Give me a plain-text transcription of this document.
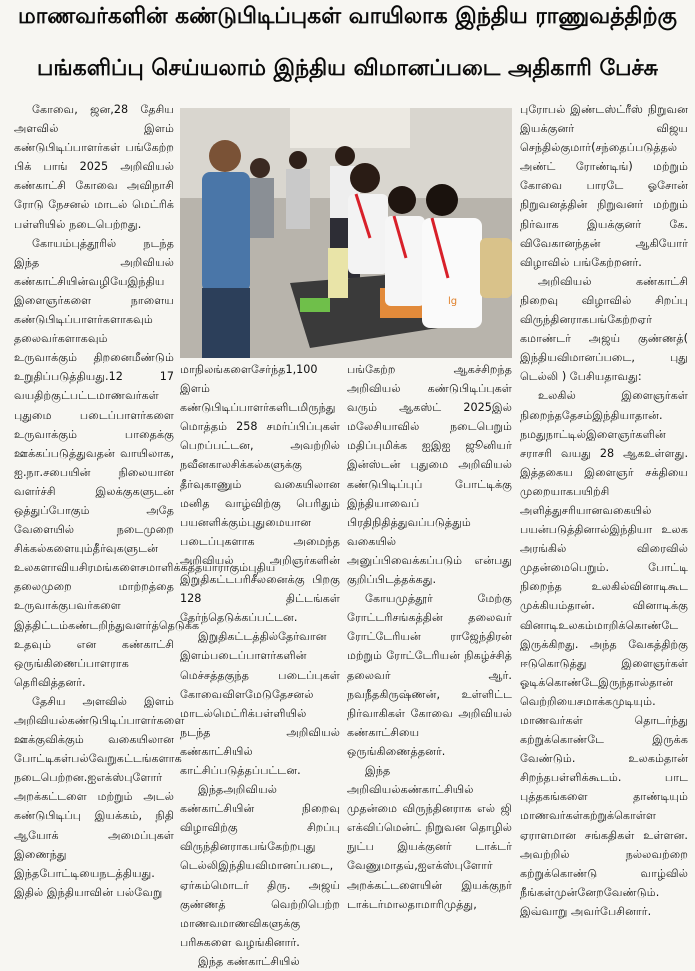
மாணவர்களின் கண்டுபிடிப்புகள் வாயிலாக இந்திய ராணுவத்திற்கு
பங்களிப்பு செய்யலாம் இந்திய விமானப்படை அதிகாரி பேச்சு

கோவை, ஜன,28 தேசிய அளவில் இளம் கண்டுபிடிப்பாளர்கள் பங்கேற்ற பிக் பாங் 2025 அறிவியல் கண்காட்சி கோவை அவிநாசி ரோடு நேசனல் மாடல் மெட்ரிக் பள்ளியில் நடைபெற்றது.

கோயம்புத்தூரில் நடந்த இந்த அறிவியல் கண்காட்சியின்வழியேஇந்திய இளைஞர்களை நாளைய கண்டுபிடிப்பாளர்களாகவும் தலைவர்களாகவும் உருவாக்கும் திறனைமீண்டும் உறுதிப்படுத்தியது.12 17 வயதிற்குட்பட்டமாணவர்கள் புதுமை படைப்பாளர்களை உருவாக்கும் பாதைக்கு ஊக்கப்படுத்துவதன் வாயிலாக, ஐ.நா.சபையின் நிலையான வளர்ச்சி இலக்குகளுடன் ஒத்துப்போகும் அதே வேளையில் நடைமுறை சிக்கல்களையும்தீர்வுகளுடன் உலகளாவியசிரமங்களைசமாளிக்கத்தயாராகும்புதிய தலைமுறை மாற்றத்தை உருவாக்குபவர்களை இத்திட்டம்கண்டறிந்துவளர்த்தெடுக்க உதவும் என கண்காட்சி ஒருங்கிணைப்பாளராக தெரிவித்தனர்.

தேசிய அளவில் இளம் அறிவியல்கண்டுபிடிப்பாளர்களை ஊக்குவிக்கும் வகையிலான போட்டிகள்பல்வேறுகட்டங்களாக நடைபெற்றன.ஐஎக்ஸ்புளோர் அறக்கட்டளை மற்றும் அடல் கண்டுபிடிப்பு இயக்கம், நிதி ஆயோக் அமைப்புகள் இணைந்து இந்தபோட்டியைநடத்தியது. இதில் இந்தியாவின் பல்வேறு

lg

மாநிலங்களைசேர்ந்த1,100 இளம் கண்டுபிடிப்பாளர்களிடமிருந்து மொத்தம் 258 சமர்ப்பிப்புகள் பெறப்பட்டன, அவற்றில் நவீனகாலசிக்கல்களுக்கு தீர்வுகாணும் வகையிலான மனித வாழ்விற்கு பெரிதும் பயனளிக்கும்புதுமையான படைப்புகளாக அமைந்த அறிவியல் அறிஞர்களின் இறுதிகட்டபரிசீலனைக்கு பிறகு 128 திட்டங்கள் தேர்ந்தெடுக்கப்பட்டன.

இறுதிகட்டத்தில்தேர்வான இளம்படைப்பாளர்களின் மெச்சத்தகுந்த படைப்புகள் கோவைவிளமேடுதேசனல் மாடல்மெட்ரிக்பள்ளியில் நடந்த அறிவியல் கண்காட்சியில் காட்சிப்படுத்தப்பட்டன.

இந்தஅறிவியல் கண்காட்சியின் நிறைவு விழாவிற்கு சிறப்பு விருந்தினராகபங்கேற்றபுது டெல்லிஇந்தியவிமானப்படை, ஏர்கம்மொடர் திரு. அஜய் குண்ணத் வெற்றிபெற்ற மாணவமாணவிகளுக்கு பரிசுகளை வழங்கினார்.

இந்த கண்காட்சியில்

பங்கேற்ற ஆகச்சிறந்த அறிவியல் கண்டுபிடிப்புகள் வரும் ஆகஸ்ட் 2025இல் மலேசியாவில் நடைபெறும் மதிப்புமிக்க ஐஇஐ ஜூனியர் இன்ஸ்டன் புதுமை அறிவியல் கண்டுபிடிப்புப் போட்டிக்கு இந்தியாவைப் பிரதிநிதித்துவப்படுத்தும் வகையில் அனுப்பிவைக்கப்படும் என்பது குறிப்பிடத்தக்கது.

கோயமுத்தூர் மேற்கு ரோட்டரிசங்கத்தின் தலைவர் ரோட்டேரியன் ராஜேந்திரன் மற்றும் ரோட்டேரியன் நிகழ்ச்சித் தலைவர் ஆர். நவநீதகிருஷ்ணன், உள்ளிட்ட நிர்வாகிகள் கோவை அறிவியல் கண்காட்சியை ஒருங்கிணைத்தனர்.

இந்த அறிவியல்கண்காட்சியில் முதன்மை விருந்தினராக எல் ஜி எக்விப்மென்ட் நிறுவன தொழில் நுட்ப இயக்குனர் டாக்டர் வேணுமாதவ்,ஐஎக்ஸ்புளோர் அறக்கட்டளையின் இயக்குநர் டாக்டர்மாலதாமாரிமுத்து,

புரோபல் இண்டஸ்ட்ரீஸ் நிறுவன இயக்குனர் விஜய செந்தில்குமார்(சந்தைப்படுத்தல் அண்ட் ரோண்டிங்) மற்றும் கோவை பாரடே ஓசோன் நிறுவனத்தின் நிறுவனர் மற்றும் நிர்வாக இயக்குனர் கே. விவேகானந்தன் ஆகியோர் விழாவில் பங்கேற்றனர்.

அறிவியல் கண்காட்சி நிறைவு விழாவில் சிறப்பு விருந்தினராகபங்கேற்றஏர் கமாண்டர் அஜய் குண்ணத்( இந்தியவிமானப்படை, புது டெல்லி ) பேசியதாவது:

உலகில் இளைஞர்கள் நிறைந்ததேசம்இந்தியாதான். நமதுநாட்டில்இளைஞர்களின் சராசரி வயது 28 ஆகஉள்ளது. இத்தகைய இளைஞர் சக்தியை முறையாகபயிற்சி அளித்துசரியானவகையில் பயன்படுத்தினால்இந்தியா உலக அரங்கில் விரைவில் முதன்மைபெறும். போட்டி நிறைந்த உலகில்வினாடிகூட முக்கியம்தான். வினாடிக்கு வினாடிஉலகம்மாறிக்கொண்டே இருக்கிறது. அந்த வேகத்திற்கு ஈடுகொடுத்து இளைஞர்கள் ஓடிக்கொண்டேஇருந்தால்தான் வெற்றியைசமாக்கமுடியும். மாணவர்கள் தொடர்ந்து கற்றுக்கொண்டே இருக்க வேண்டும். உலகம்தான் சிறந்தபள்ளிக்கூடம். பாட புத்தகங்களை தாண்டியும் மாணவர்கள்கற்றுக்கொள்ள ஏராளமான சங்கதிகள் உள்ளன. அவற்றில் நல்லவற்றை கற்றுக்கொண்டு வாழ்வில் நீங்கள்முன்னேறவேண்டும். இவ்வாறு அவர்பேசினார்.
